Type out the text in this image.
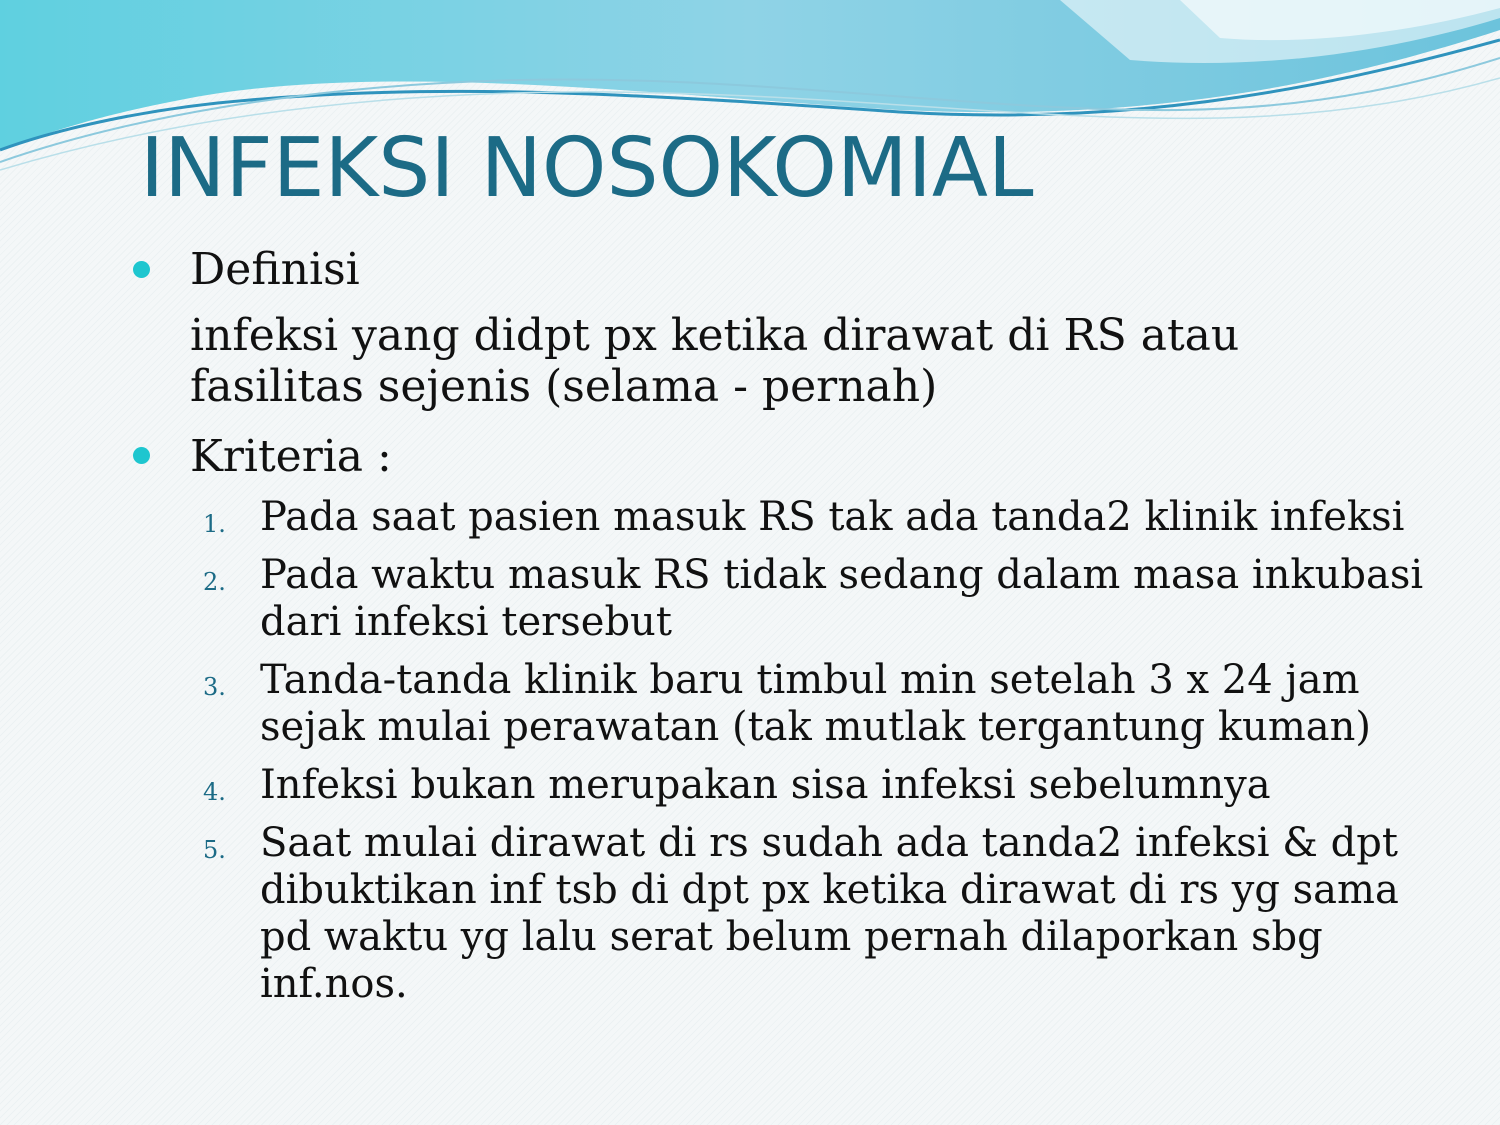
INFEKSI NOSOKOMIAL
Definisi
infeksi yang didpt px ketika dirawat di RS atau fasilitas sejenis (selama - pernah)
Kriteria :
1. Pada saat pasien masuk RS tak ada tanda2 klinik infeksi
2. Pada waktu masuk RS tidak sedang dalam masa inkubasi dari infeksi tersebut
3. Tanda-tanda klinik baru timbul min setelah 3 x 24 jam sejak mulai perawatan (tak mutlak tergantung kuman)
4. Infeksi bukan merupakan sisa infeksi sebelumnya
5. Saat mulai dirawat di rs sudah ada tanda2 infeksi & dpt dibuktikan inf tsb di dpt px ketika dirawat di rs yg sama pd waktu yg lalu serat belum pernah dilaporkan sbg inf.nos.
